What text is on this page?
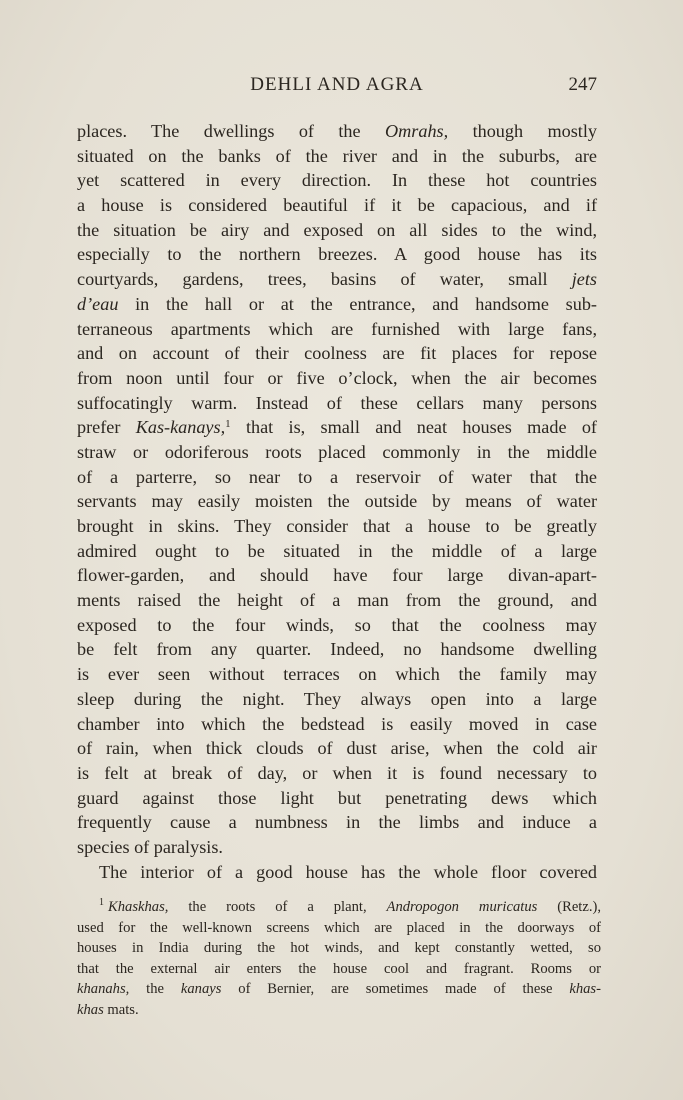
DEHLI AND AGRA	247
places. The dwellings of the Omrahs, though mostly
situated on the banks of the river and in the suburbs, are
yet scattered in every direction. In these hot countries
a house is considered beautiful if it be capacious, and if
the situation be airy and exposed on all sides to the wind,
especially to the northern breezes. A good house has its
courtyards, gardens, trees, basins of water, small jets
d’eau in the hall or at the entrance, and handsome sub-
terraneous apartments which are furnished with large fans,
and on account of their coolness are fit places for repose
from noon until four or five o’clock, when the air becomes
suffocatingly warm. Instead of these cellars many persons
prefer Kas-kanays,$^1$ that is, small and neat houses made of
straw or odoriferous roots placed commonly in the middle
of a parterre, so near to a reservoir of water that the
servants may easily moisten the outside by means of water
brought in skins. They consider that a house to be greatly
admired ought to be situated in the middle of a large
flower-garden, and should have four large divan-apart-
ments raised the height of a man from the ground, and
exposed to the four winds, so that the coolness may
be felt from any quarter. Indeed, no handsome dwelling
is ever seen without terraces on which the family may
sleep during the night. They always open into a large
chamber into which the bedstead is easily moved in case
of rain, when thick clouds of dust arise, when the cold air
is felt at break of day, or when it is found necessary to
guard against those light but penetrating dews which
frequently cause a numbness in the limbs and induce a
species of paralysis.
The interior of a good house has the whole floor covered
$^1$ Khaskhas, the roots of a plant, Andropogon muricatus (Retz.),
used for the well-known screens which are placed in the doorways of
houses in India during the hot winds, and kept constantly wetted, so
that the external air enters the house cool and fragrant. Rooms or
khanahs, the kanays of Bernier, are sometimes made of these khas-
khas mats.
